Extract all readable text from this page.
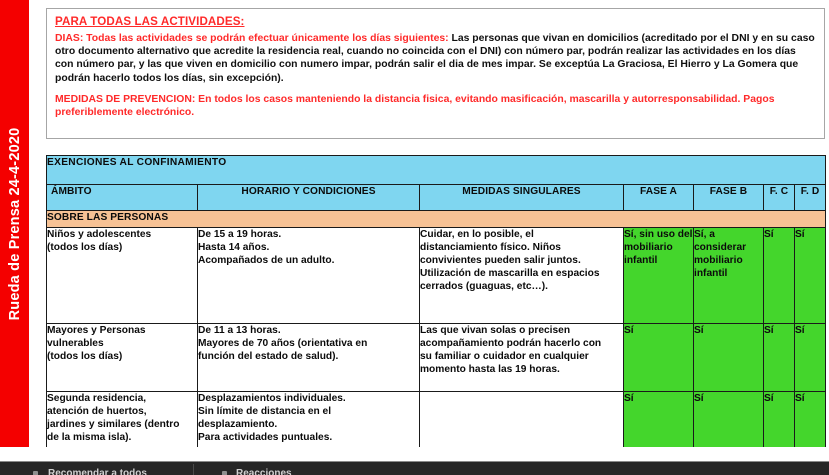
Rueda de Prensa 24-4-2020

PARA TODAS LAS ACTIVIDADES:

DIAS: Todas las actividades se podrán efectuar únicamente los días siguientes: Las personas que vivan en domicilios (acreditado por el DNI y en su caso otro documento alternativo que acredite la residencia real, cuando no coincida con el DNI) con número par, podrán realizar las actividades en los días con número par, y las que viven en domicilio con numero impar, podrán salir el dia de mes impar. Se exceptúa La Graciosa, El Hierro y La Gomera que podrán hacerlo todos los días, sin excepción).

MEDIDAS DE PREVENCION: En todos los casos manteniendo la distancia fisica, evitando masificación, mascarilla y autorresponsabilidad. Pagos preferiblemente electrónico.

EXENCIONES AL CONFINAMIENTO						
ÁMBITO	HORARIO Y CONDICIONES	MEDIDAS SINGULARES	FASE A	FASE B	F. C	F. D
SOBRE LAS PERSONAS						

Niños y adolescentes
(todos los días)	De 15 a 19 horas.
Hasta 14 años.
Acompañados de un adulto.	Cuidar, en lo posible, el
distanciamiento físico. Niños
convivientes pueden salir juntos.
Utilización de mascarilla en espacios
cerrados (guaguas, etc…).	Sí, sin uso del mobiliario infantil	Sí, a considerar mobiliario infantil	Sí	Sí

Mayores y Personas
vulnerables
(todos los días)	De 11 a 13 horas.
Mayores de 70 años (orientativa en
función del estado de salud).	Las que vivan solas o precisen
acompañamiento podrán hacerlo con
su familiar o cuidador en cualquier
momento hasta las 19 horas.	Sí	Sí	Sí	Sí

Segunda residencia,
atención de huertos,
jardines y similares (dentro
de la misma isla).	Desplazamientos individuales.
Sin límite de distancia en el
desplazamiento.
Para actividades puntuales.		Sí	Sí	Sí	Sí
Recomendar a todos	Reacciones
